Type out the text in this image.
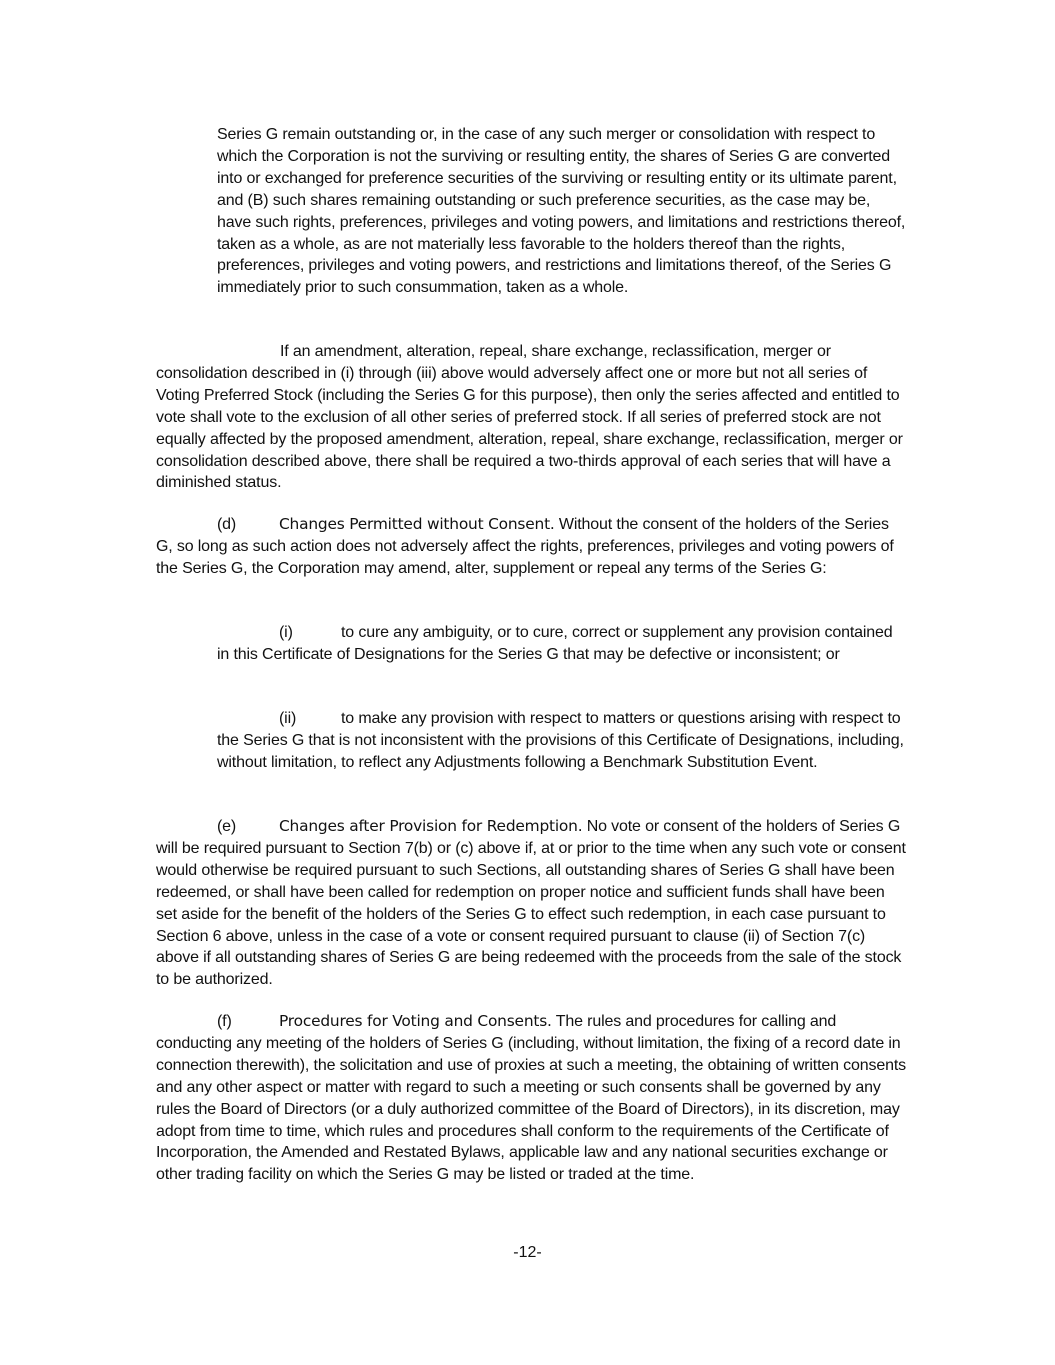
Series G remain outstanding or, in the case of any such merger or consolidation with respect to which the Corporation is not the surviving or resulting entity, the shares of Series G are converted into or exchanged for preference securities of the surviving or resulting entity or its ultimate parent, and (B) such shares remaining outstanding or such preference securities, as the case may be, have such rights, preferences, privileges and voting powers, and limitations and restrictions thereof, taken as a whole, as are not materially less favorable to the holders thereof than the rights, preferences, privileges and voting powers, and restrictions and limitations thereof, of the Series G immediately prior to such consummation, taken as a whole.

If an amendment, alteration, repeal, share exchange, reclassification, merger or consolidation described in (i) through (iii) above would adversely affect one or more but not all series of Voting Preferred Stock (including the Series G for this purpose), then only the series affected and entitled to vote shall vote to the exclusion of all other series of preferred stock. If all series of preferred stock are not equally affected by the proposed amendment, alteration, repeal, share exchange, reclassification, merger or consolidation described above, there shall be required a two-thirds approval of each series that will have a diminished status.

(d)	Changes Permitted without Consent. Without the consent of the holders of the Series G, so long as such action does not adversely affect the rights, preferences, privileges and voting powers of the Series G, the Corporation may amend, alter, supplement or repeal any terms of the Series G:

(i)	to cure any ambiguity, or to cure, correct or supplement any provision contained in this Certificate of Designations for the Series G that may be defective or inconsistent; or

(ii)	to make any provision with respect to matters or questions arising with respect to the Series G that is not inconsistent with the provisions of this Certificate of Designations, including, without limitation, to reflect any Adjustments following a Benchmark Substitution Event.

(e)	Changes after Provision for Redemption. No vote or consent of the holders of Series G will be required pursuant to Section 7(b) or (c) above if, at or prior to the time when any such vote or consent would otherwise be required pursuant to such Sections, all outstanding shares of Series G shall have been redeemed, or shall have been called for redemption on proper notice and sufficient funds shall have been set aside for the benefit of the holders of the Series G to effect such redemption, in each case pursuant to Section 6 above, unless in the case of a vote or consent required pursuant to clause (ii) of Section 7(c) above if all outstanding shares of Series G are being redeemed with the proceeds from the sale of the stock to be authorized.

(f)	Procedures for Voting and Consents. The rules and procedures for calling and conducting any meeting of the holders of Series G (including, without limitation, the fixing of a record date in connection therewith), the solicitation and use of proxies at such a meeting, the obtaining of written consents and any other aspect or matter with regard to such a meeting or such consents shall be governed by any rules the Board of Directors (or a duly authorized committee of the Board of Directors), in its discretion, may adopt from time to time, which rules and procedures shall conform to the requirements of the Certificate of Incorporation, the Amended and Restated Bylaws, applicable law and any national securities exchange or other trading facility on which the Series G may be listed or traded at the time.

-12-
